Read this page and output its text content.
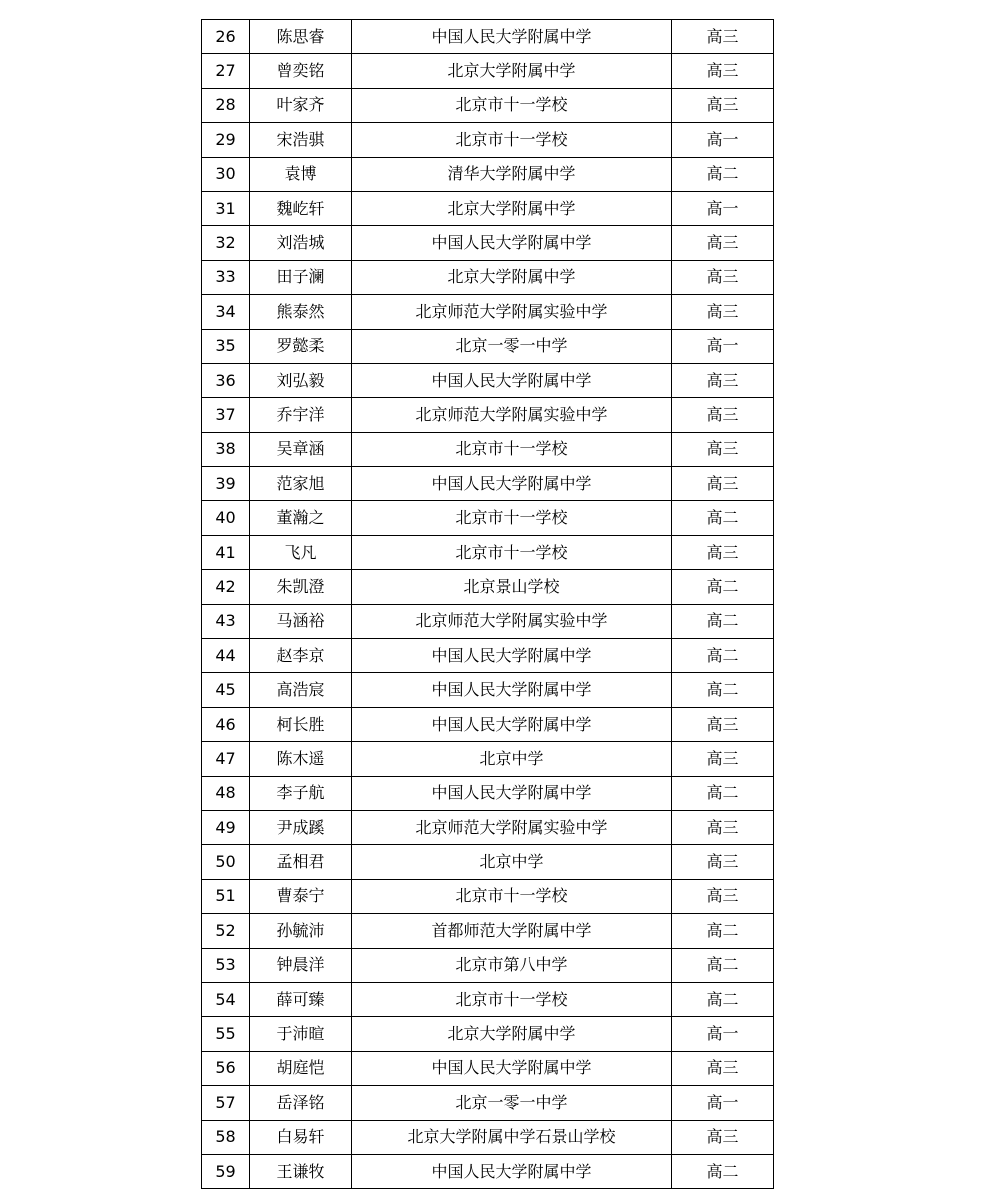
26	陈思睿	中国人民大学附属中学	高三
27	曾奕铭	北京大学附属中学	高三
28	叶家齐	北京市十一学校	高三
29	宋浩骐	北京市十一学校	高一
30	袁博	清华大学附属中学	高二
31	魏屹轩	北京大学附属中学	高一
32	刘浩城	中国人民大学附属中学	高三
33	田子澜	北京大学附属中学	高三
34	熊泰然	北京师范大学附属实验中学	高三
35	罗懿柔	北京一零一中学	高一
36	刘弘毅	中国人民大学附属中学	高三
37	乔宇洋	北京师范大学附属实验中学	高三
38	吴章涵	北京市十一学校	高三
39	范家旭	中国人民大学附属中学	高三
40	董瀚之	北京市十一学校	高二
41	飞凡	北京市十一学校	高三
42	朱凯澄	北京景山学校	高二
43	马涵裕	北京师范大学附属实验中学	高二
44	赵李京	中国人民大学附属中学	高二
45	高浩宸	中国人民大学附属中学	高二
46	柯长胜	中国人民大学附属中学	高三
47	陈木遥	北京中学	高三
48	李子航	中国人民大学附属中学	高二
49	尹成蹊	北京师范大学附属实验中学	高三
50	孟相君	北京中学	高三
51	曹泰宁	北京市十一学校	高三
52	孙毓沛	首都师范大学附属中学	高二
53	钟晨洋	北京市第八中学	高二
54	薛可臻	北京市十一学校	高二
55	于沛暄	北京大学附属中学	高一
56	胡庭恺	中国人民大学附属中学	高三
57	岳泽铭	北京一零一中学	高一
58	白易轩	北京大学附属中学石景山学校	高三
59	王谦牧	中国人民大学附属中学	高二
